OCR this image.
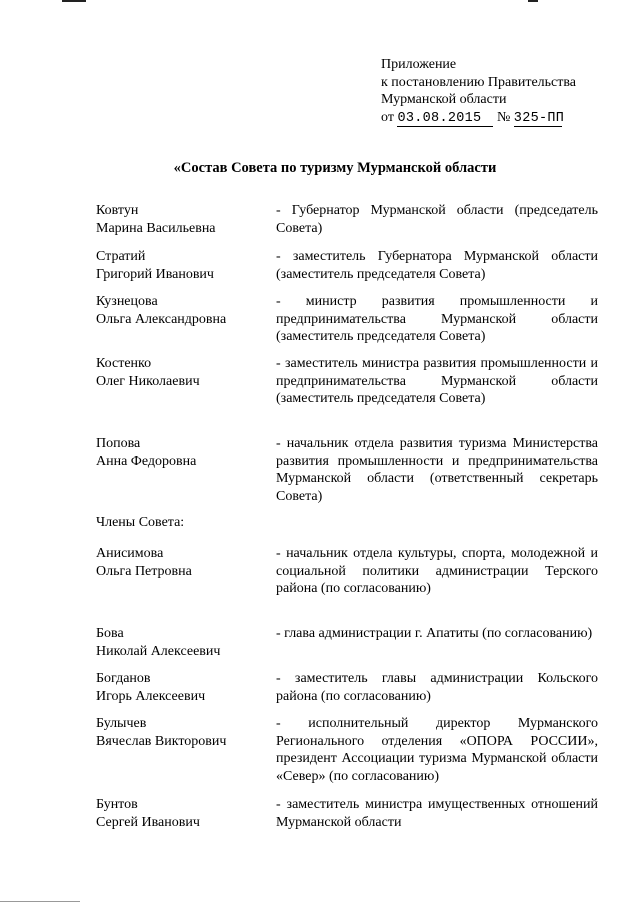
Приложение
к постановлению Правительства
Мурманской области
от 03.08.2015 № 325-ПП
«Состав Совета по туризму Мурманской области
Ковтун
Марина Васильевна
- Губернатор Мурманской области (председатель Совета)
Стратий
Григорий Иванович
- заместитель Губернатора Мурманской области (заместитель председателя Совета)
Кузнецова
Ольга Александровна
- министр развития промышленности и предпринимательства Мурманской области (заместитель председателя Совета)
Костенко
Олег Николаевич
- заместитель министра развития промышленности и предпринимательства Мурманской области (заместитель председателя Совета)
Попова
Анна Федоровна
- начальник отдела развития туризма Министерства развития промышленности и предпринимательства Мурманской области (ответственный секретарь Совета)
Члены Совета:
Анисимова
Ольга Петровна
- начальник отдела культуры, спорта, молодежной и социальной политики администрации Терского района (по согласованию)
Бова
Николай Алексеевич
- глава администрации г. Апатиты (по согласованию)
Богданов
Игорь Алексеевич
- заместитель главы администрации Кольского района (по согласованию)
Булычев
Вячеслав Викторович
- исполнительный директор Мурманского Регионального отделения «ОПОРА РОССИИ», президент Ассоциации туризма Мурманской области «Север» (по согласованию)
Бунтов
Сергей Иванович
- заместитель министра имущественных отношений Мурманской области
